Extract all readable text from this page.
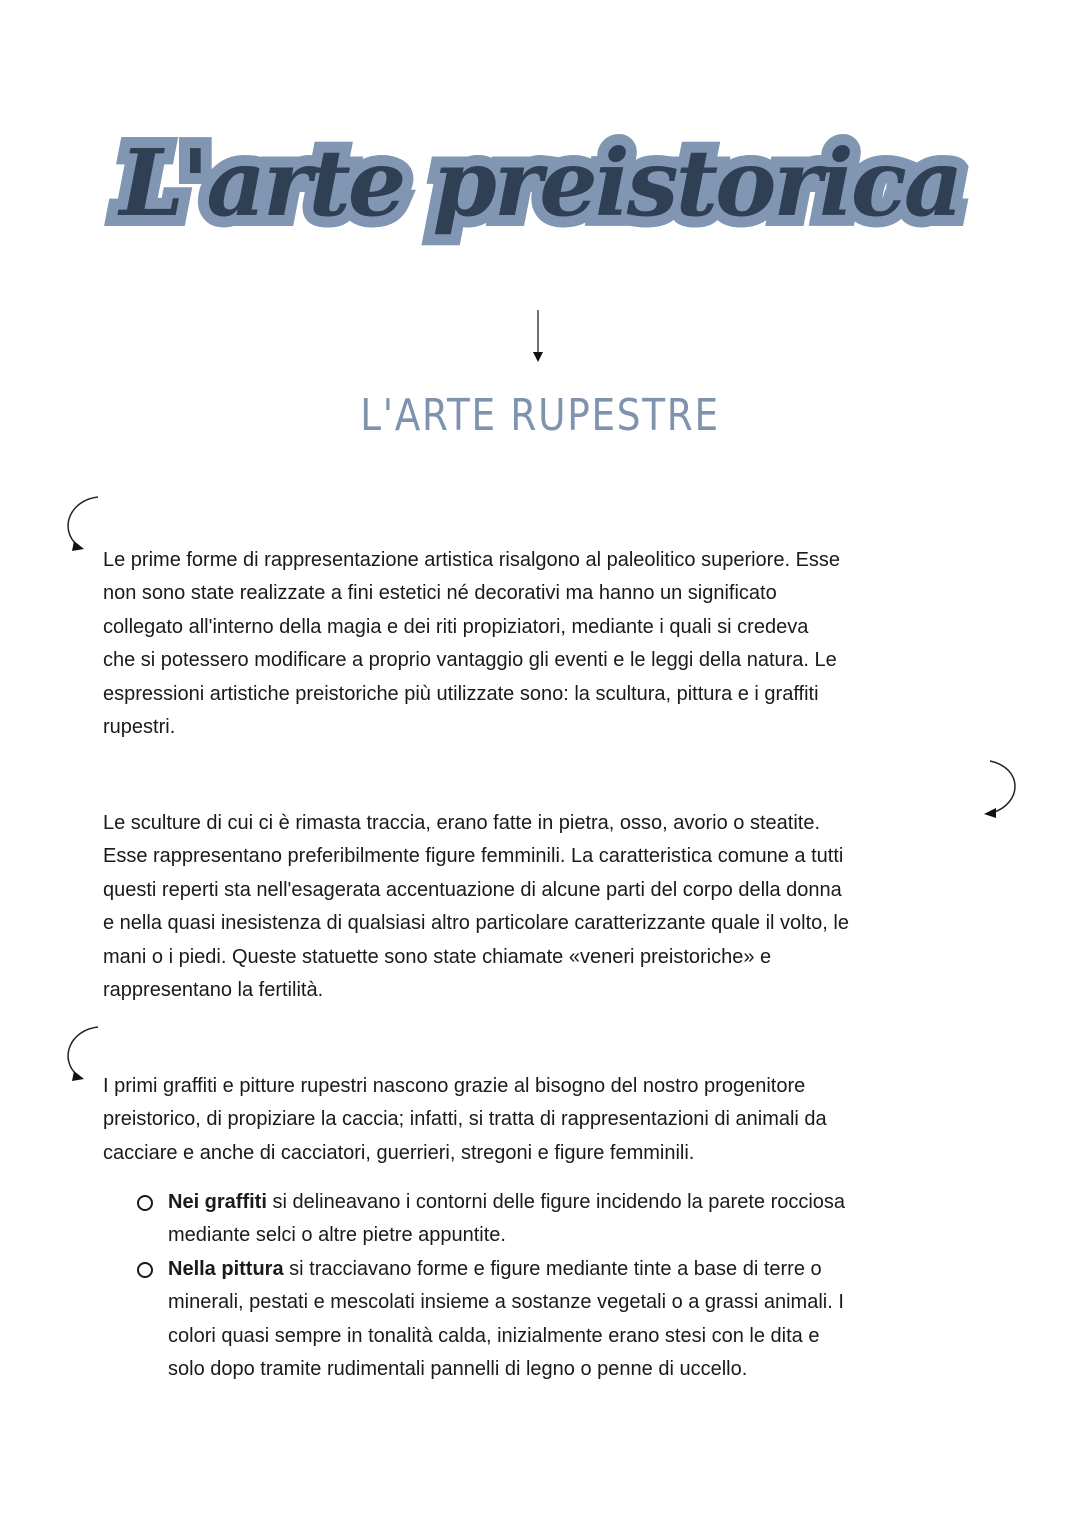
L'arte preistorica
L'ARTE RUPESTRE
Le prime forme di rappresentazione artistica risalgono al paleolitico superiore. Esse
non sono state realizzate a fini estetici né decorativi ma hanno un significato
collegato all'interno della magia e dei riti propiziatori, mediante i quali si credeva
che si potessero modificare a proprio vantaggio gli eventi e le leggi della natura. Le
espressioni artistiche preistoriche più utilizzate sono: la scultura, pittura e i graffiti
rupestri.
Le sculture di cui ci è rimasta traccia, erano fatte in pietra, osso, avorio o steatite.
Esse rappresentano preferibilmente figure femminili. La caratteristica comune a tutti
questi reperti sta nell'esagerata accentuazione di alcune parti del corpo della donna
e nella quasi inesistenza di qualsiasi altro particolare caratterizzante quale il volto, le
mani o i piedi. Queste statuette sono state chiamate «veneri preistoriche» e
rappresentano la fertilità.
I primi graffiti e pitture rupestri nascono grazie al bisogno del nostro progenitore
preistorico, di propiziare la caccia; infatti, si tratta di rappresentazioni di animali da
cacciare e anche di cacciatori, guerrieri, stregoni e figure femminili.
Nei graffiti si delineavano i contorni delle figure incidendo la parete rocciosa
mediante selci o altre pietre appuntite.
Nella pittura si tracciavano forme e figure mediante tinte a base di terre o
minerali, pestati e mescolati insieme a sostanze vegetali o a grassi animali. I
colori quasi sempre in tonalità calda, inizialmente erano stesi con le dita e
solo dopo tramite rudimentali pannelli di legno o penne di uccello.
